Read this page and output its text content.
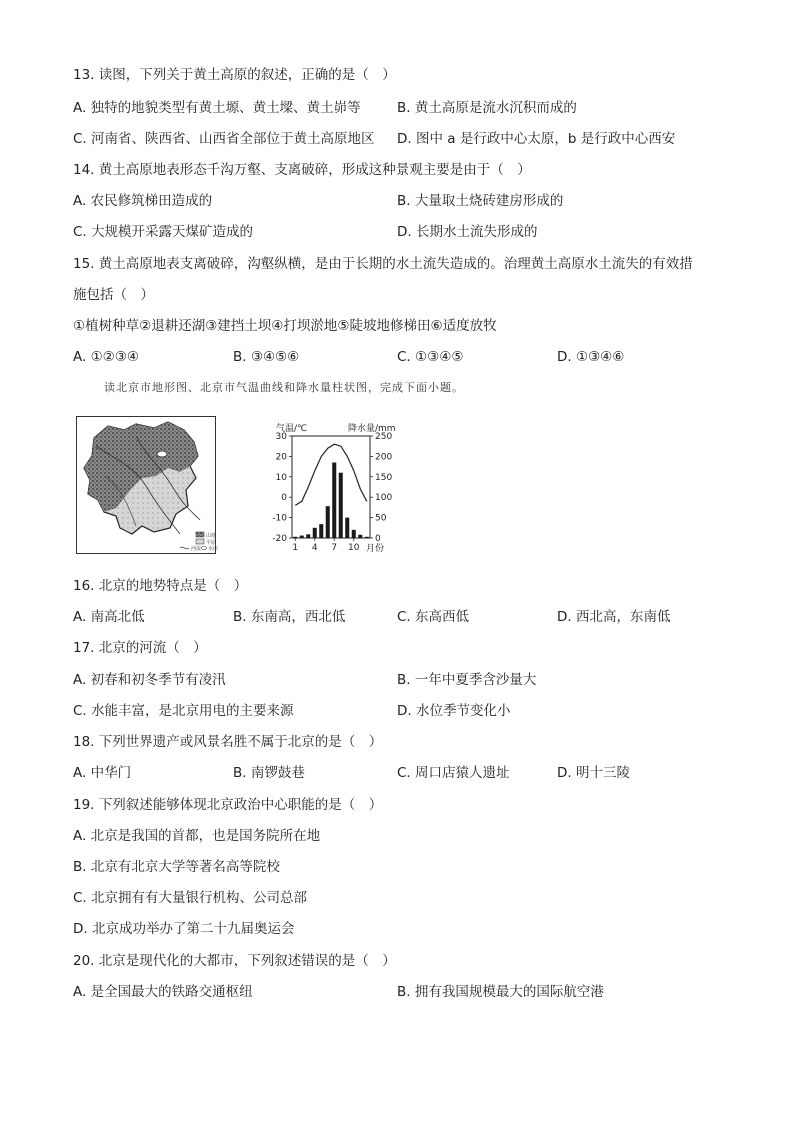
13. 读图，下列关于黄土高原的叙述，正确的是（　）
A. 独特的地貌类型有黄土塬、黄土墚、黄土峁等	B. 黄土高原是流水沉积而成的
C. 河南省、陕西省、山西省全部位于黄土高原地区 D. 图中 a 是行政中心太原，b 是行政中心西安
14. 黄土高原地表形态千沟万壑、支离破碎，形成这种景观主要是由于（　）
A. 农民修筑梯田造成的	B. 大量取土烧砖建房形成的
C. 大规模开采露天煤矿造成的	D. 长期水土流失形成的
15. 黄土高原地表支离破碎，沟壑纵横，是由于长期的水土流失造成的。治理黄土高原水土流失的有效措
施包括（　）
①植树种草②退耕还湖③建挡土坝④打坝淤地⑤陡坡地修梯田⑥适度放牧
A. ①②③④	B. ③④⑤⑥	C. ①③④⑤	D. ①③④⑥
读北京市地形图、北京市气温曲线和降水量柱状图，完成下面小题。
山地
平原
河流 水库
气温/℃	降水量/mm
月份
30
20
10
0
-10
-20
250
200
150
100
50
0
1 4 7 10
16. 北京的地势特点是（　）
A. 南高北低	B. 东南高，西北低	C. 东高西低	D. 西北高，东南低
17. 北京的河流（　）
A. 初春和初冬季节有凌汛	B. 一年中夏季含沙量大
C. 水能丰富，是北京用电的主要来源	D. 水位季节变化小
18. 下列世界遗产或风景名胜不属于北京的是（　）
A. 中华门	B. 南锣鼓巷	C. 周口店猿人遗址	D. 明十三陵
19. 下列叙述能够体现北京政治中心职能的是（　）
A. 北京是我国的首都，也是国务院所在地
B. 北京有北京大学等著名高等院校
C. 北京拥有有大量银行机构、公司总部
D. 北京成功举办了第二十九届奥运会
20. 北京是现代化的大都市，下列叙述错误的是（　）
A. 是全国最大的铁路交通枢纽	B. 拥有我国规模最大的国际航空港
